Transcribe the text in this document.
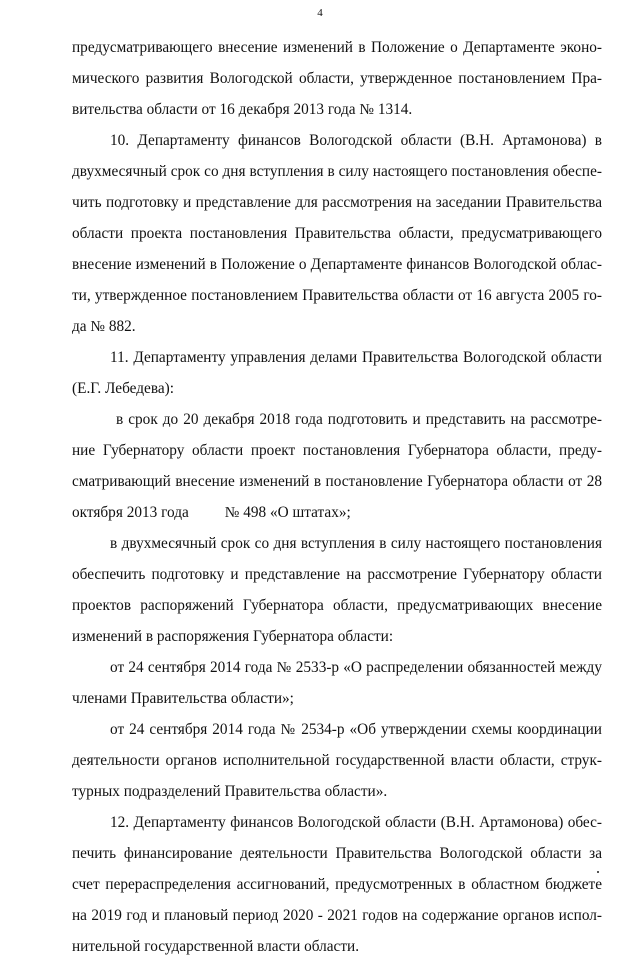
4
предусматривающего внесение изменений в Положение о Департаменте эконо-
мического развития Вологодской области, утвержденное постановлением Пра-
вительства области от 16 декабря 2013 года № 1314.
10. Департаменту финансов Вологодской области (В.Н. Артамонова) в
двухмесячный срок со дня вступления в силу настоящего постановления обеспе-
чить подготовку и представление для рассмотрения на заседании Правительства
области проекта постановления Правительства области, предусматривающего
внесение изменений в Положение о Департаменте финансов Вологодской облас-
ти, утвержденное постановлением Правительства области от 16 августа 2005 го-
да № 882.
11. Департаменту управления делами Правительства Вологодской области
(Е.Г. Лебедева):
в срок до 20 декабря 2018 года подготовить и представить на рассмотре-
ние Губернатору области проект постановления Губернатора области, преду-
сматривающий внесение изменений в постановление Губернатора области от 28
октября 2013 года № 498 «О штатах»;
в двухмесячный срок со дня вступления в силу настоящего постановления
обеспечить подготовку и представление на рассмотрение Губернатору области
проектов распоряжений Губернатора области, предусматривающих внесение
изменений в распоряжения Губернатора области:
от 24 сентября 2014 года № 2533-р «О распределении обязанностей между
членами Правительства области»;
от 24 сентября 2014 года № 2534-р «Об утверждении схемы координации
деятельности органов исполнительной государственной власти области, струк-
турных подразделений Правительства области».
12. Департаменту финансов Вологодской области (В.Н. Артамонова) обес-
печить финансирование деятельности Правительства Вологодской области за
счет перераспределения ассигнований, предусмотренных в областном бюджете
на 2019 год и плановый период 2020 - 2021 годов на содержание органов испол-
нительной государственной власти области.
